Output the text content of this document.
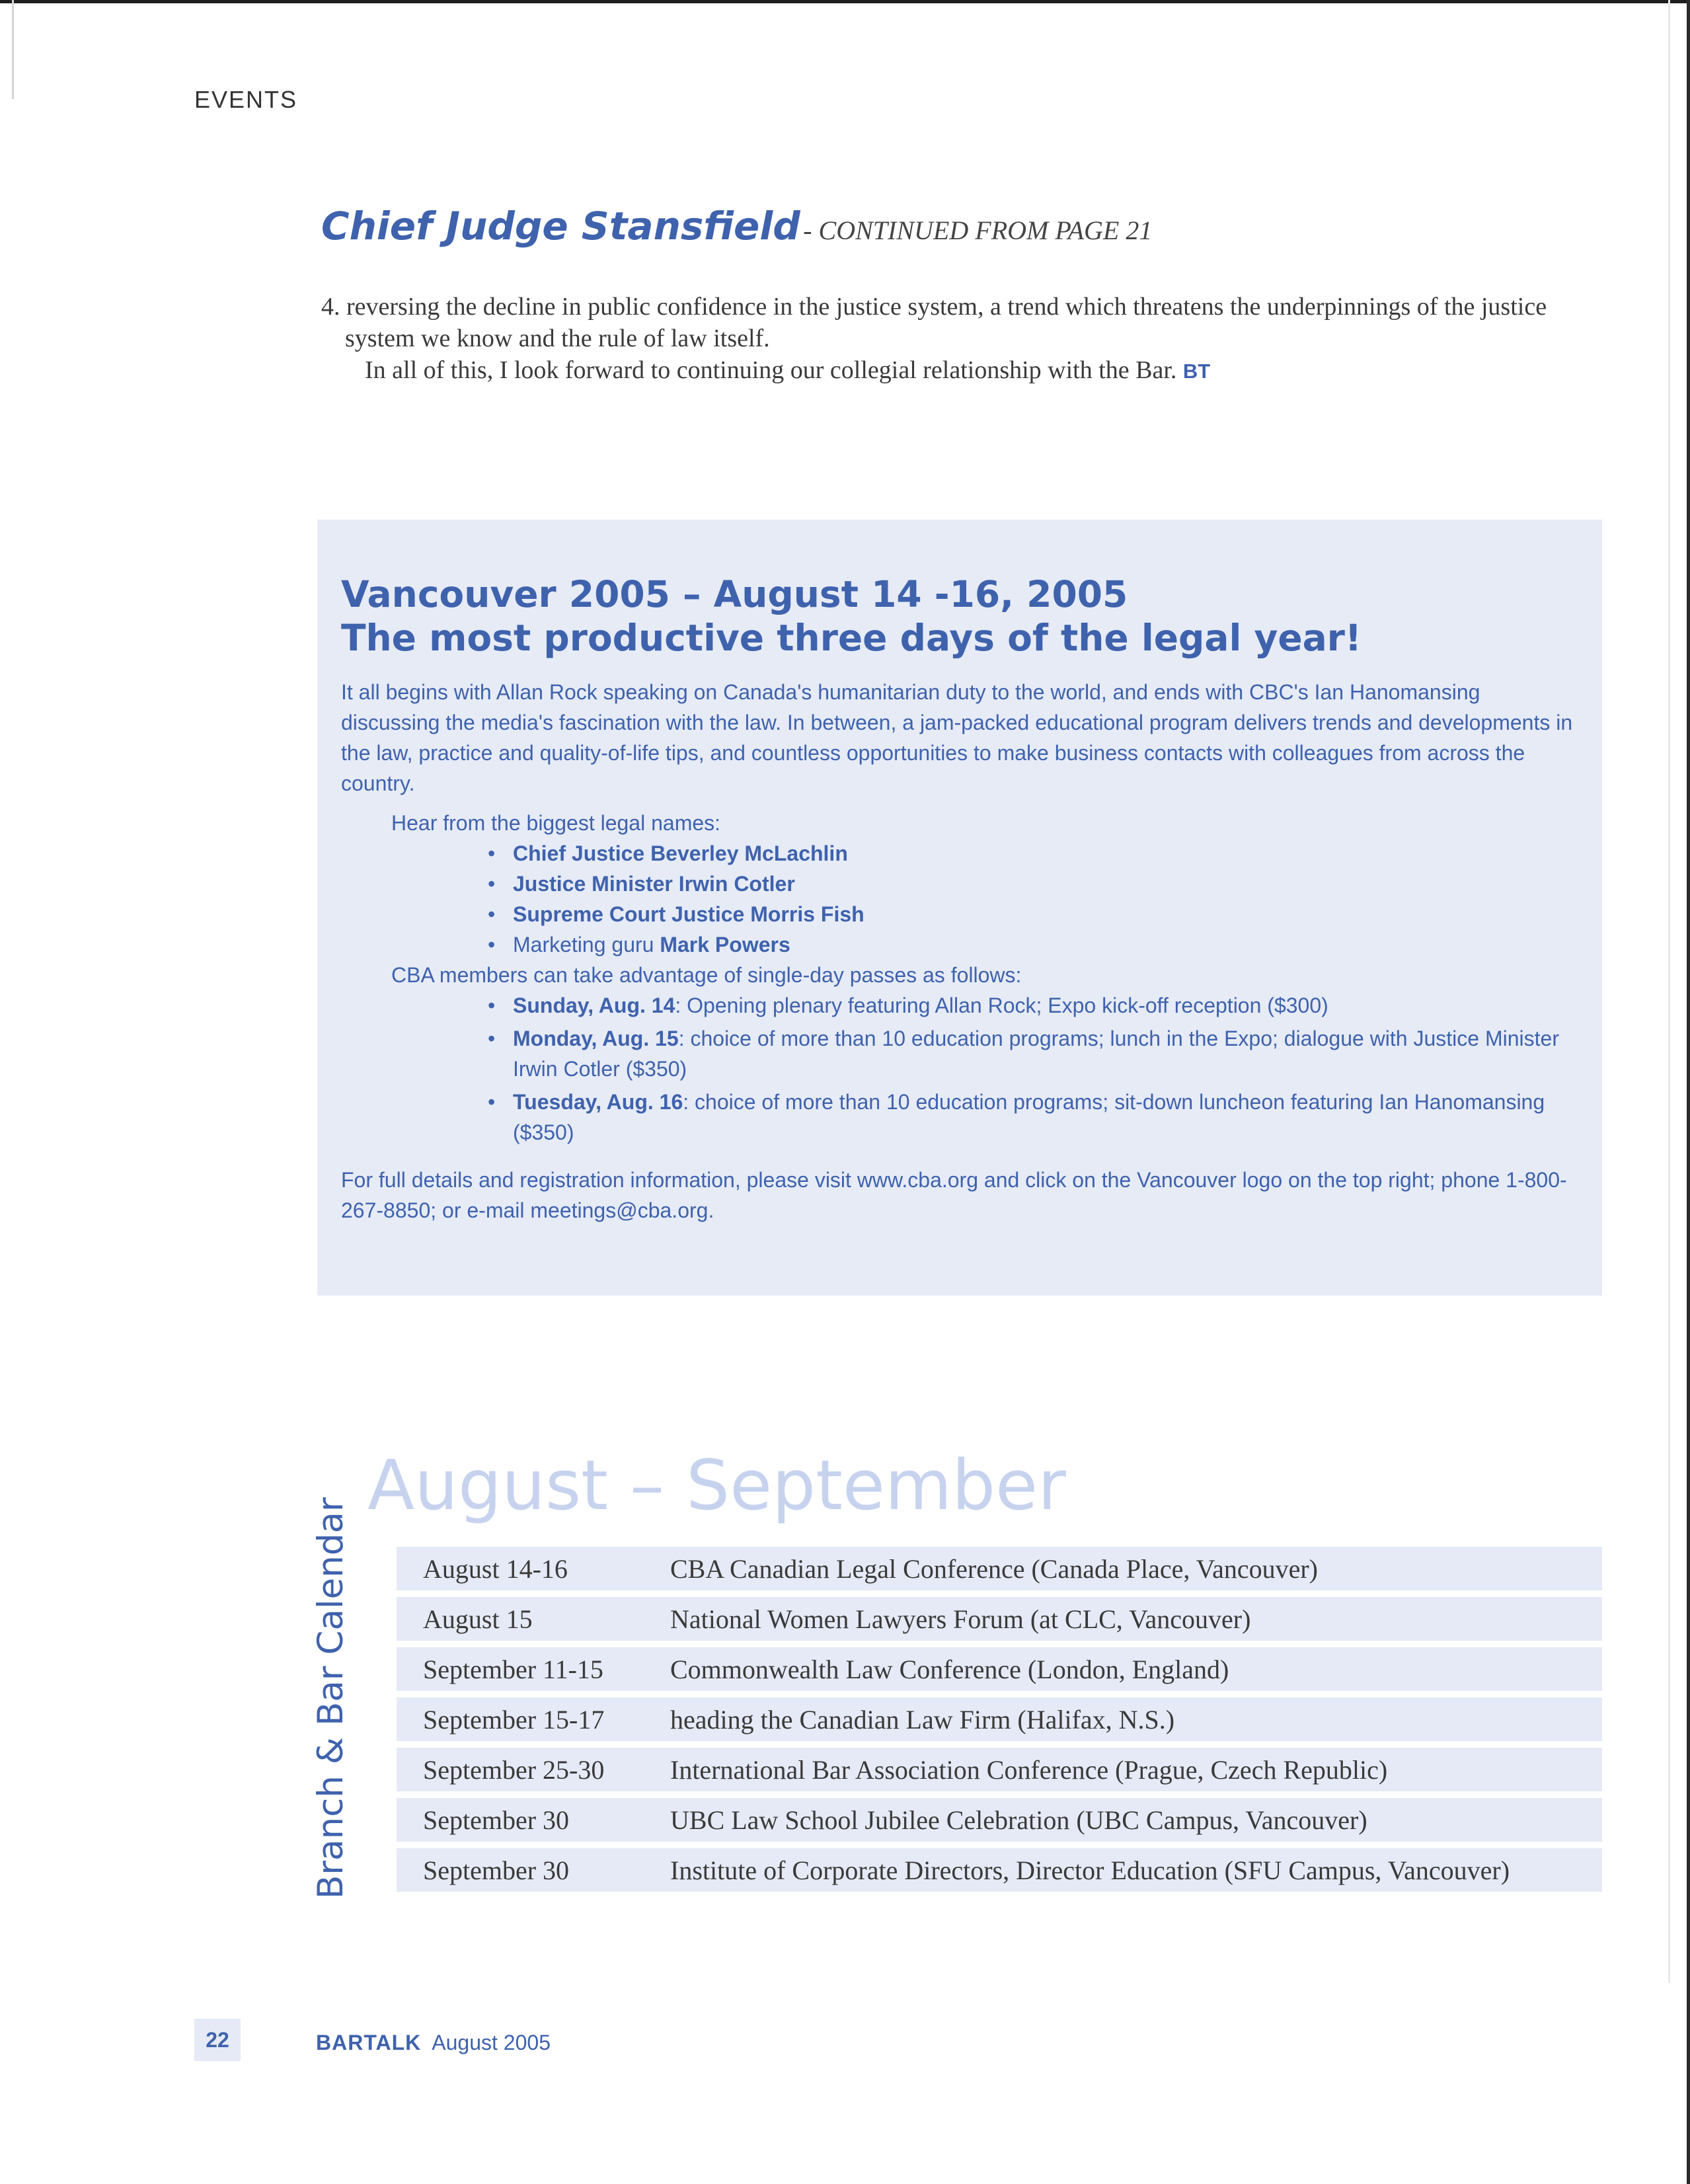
EVENTS
Chief Judge Stansfield - CONTINUED FROM PAGE 21
4. reversing the decline in public confidence in the justice system, a trend which threatens the underpinnings of the justice system we know and the rule of law itself.
In all of this, I look forward to continuing our collegial relationship with the Bar. BT
Vancouver 2005 – August 14 -16, 2005
The most productive three days of the legal year!
It all begins with Allan Rock speaking on Canada's humanitarian duty to the world, and ends with CBC's Ian Hanomansing discussing the media's fascination with the law. In between, a jam-packed educational program delivers trends and developments in the law, practice and quality-of-life tips, and countless opportunities to make business contacts with colleagues from across the country.
Hear from the biggest legal names:
• Chief Justice Beverley McLachlin
• Justice Minister Irwin Cotler
• Supreme Court Justice Morris Fish
• Marketing guru Mark Powers
CBA members can take advantage of single-day passes as follows:
• Sunday, Aug. 14: Opening plenary featuring Allan Rock; Expo kick-off reception ($300)
• Monday, Aug. 15: choice of more than 10 education programs; lunch in the Expo; dialogue with Justice Minister Irwin Cotler ($350)
• Tuesday, Aug. 16: choice of more than 10 education programs; sit-down luncheon featuring Ian Hanomansing ($350)
For full details and registration information, please visit www.cba.org and click on the Vancouver logo on the top right; phone 1-800-267-8850; or e-mail meetings@cba.org.
Branch & Bar Calendar
August – September
August 14-16	CBA Canadian Legal Conference (Canada Place, Vancouver)
August 15	National Women Lawyers Forum (at CLC, Vancouver)
September 11-15	Commonwealth Law Conference (London, England)
September 15-17 heading the Canadian Law Firm (Halifax, N.S.)
September 25-30 International Bar Association Conference (Prague, Czech Republic)
September 30	UBC Law School Jubilee Celebration (UBC Campus, Vancouver)
September 30	Institute of Corporate Directors, Director Education (SFU Campus, Vancouver)
22	BARTALK August 2005
